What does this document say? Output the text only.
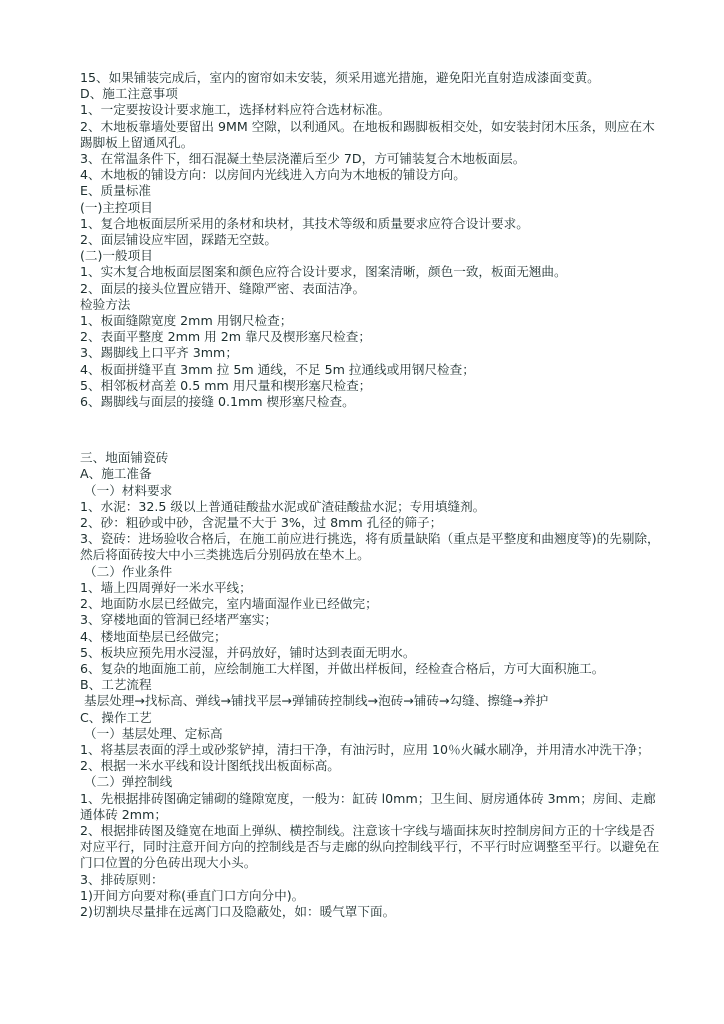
15、如果铺装完成后，室内的窗帘如未安装，须采用遮光措施，避免阳光直射造成漆面变黄。

D、施工注意事项

1、一定要按设计要求施工，选择材料应符合选材标准。

2、木地板靠墙处要留出 9MM 空隙，以利通风。在地板和踢脚板相交处，如安装封闭木压条，则应在木踢脚板上留通风孔。

3、在常温条件下，细石混凝土垫层浇灌后至少 7D，方可铺装复合木地板面层。

4、木地板的铺设方向：以房间内光线进入方向为木地板的铺设方向。

E、质量标准

(一)主控项目

1、复合地板面层所采用的条材和块材，其技术等级和质量要求应符合设计要求。

2、面层铺设应牢固，踩踏无空鼓。

(二)一般项目

1、实木复合地板面层图案和颜色应符合设计要求，图案清晰，颜色一致，板面无翘曲。

2、面层的接头位置应错开、缝隙严密、表面洁净。

检验方法

1、板面缝隙宽度 2mm 用钢尺检查；

2、表面平整度 2mm 用 2m 靠尺及楔形塞尺检查；

3、踢脚线上口平齐 3mm；

4、板面拼缝平直 3mm 拉 5m 通线，不足 5m 拉通线或用钢尺检查；

5、相邻板材高差 0.5 mm 用尺量和楔形塞尺检查；

6、踢脚线与面层的接缝 0.1mm 楔形塞尺检查。

三、地面铺瓷砖

A、施工准备

（一）材料要求

1、水泥：32.5 级以上普通硅酸盐水泥或矿渣硅酸盐水泥；专用填缝剂。

2、砂：粗砂或中砂，含泥量不大于 3%，过 8mm 孔径的筛子；

3、瓷砖：进场验收合格后，在施工前应进行挑选，将有质量缺陷（重点是平整度和曲翘度等)的先剔除，然后将面砖按大中小三类挑选后分别码放在垫木上。

（二）作业条件

1、墙上四周弹好一米水平线；

2、地面防水层已经做完，室内墙面湿作业已经做完；

3、穿楼地面的管洞已经堵严塞实；

4、楼地面垫层已经做完；

5、板块应预先用水浸湿，并码放好，铺时达到表面无明水。

6、复杂的地面施工前，应绘制施工大样图，并做出样板间，经检查合格后，方可大面积施工。

B、工艺流程

基层处理→找标高、弹线→铺找平层→弹铺砖控制线→泡砖→铺砖→勾缝、擦缝→养护

C、操作工艺

（一）基层处理、定标高

1、将基层表面的浮土或砂浆铲掉，清扫干净，有油污时，应用 10％火碱水刷净，并用清水冲洗干净；

2、根据一米水平线和设计图纸找出板面标高。

（二）弹控制线

1、先根据排砖图确定铺砌的缝隙宽度，一般为：缸砖 l0mm；卫生间、厨房通体砖 3mm；房间、走廊通体砖 2mm；

2、根据排砖图及缝宽在地面上弹纵、横控制线。注意该十字线与墙面抹灰时控制房间方正的十字线是否对应平行，同时注意开间方向的控制线是否与走廊的纵向控制线平行，不平行时应调整至平行。以避免在门口位置的分色砖出现大小头。

3、排砖原则：

1)开间方向要对称(垂直门口方向分中)。

2)切割块尽量排在远离门口及隐蔽处，如：暖气罩下面。
